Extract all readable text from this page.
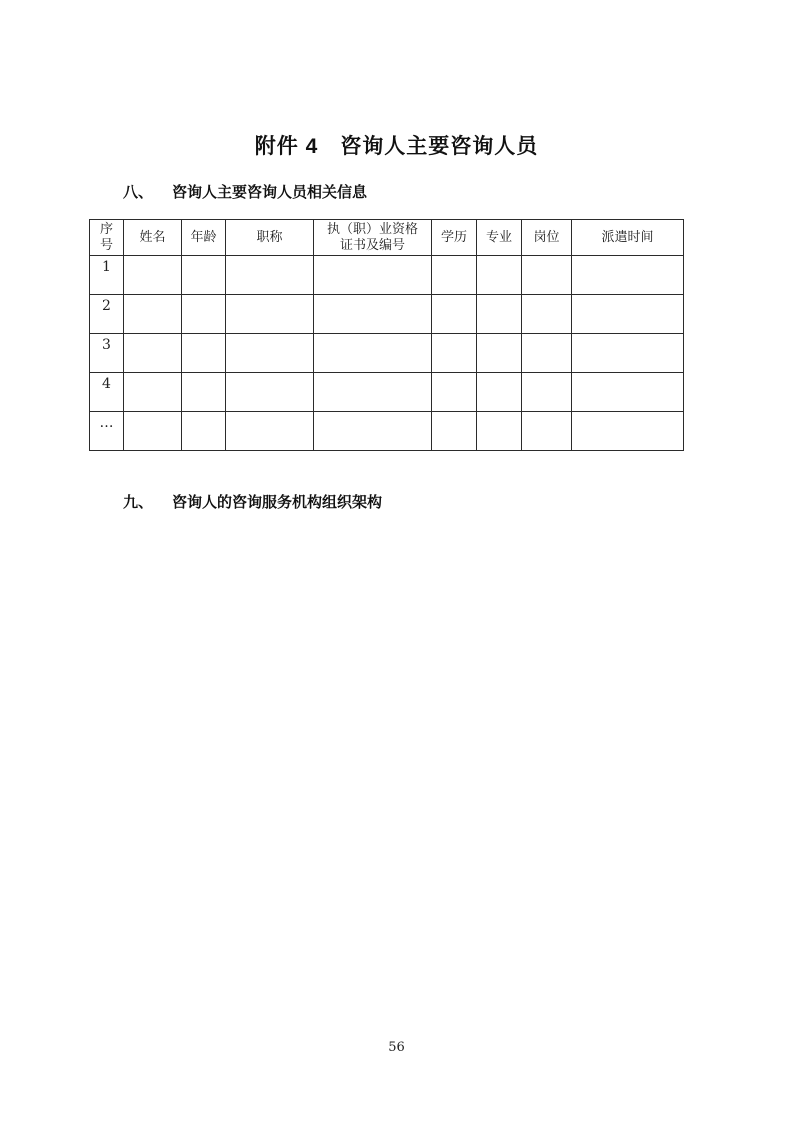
附件 4　咨询人主要咨询人员
八、 咨询人主要咨询人员相关信息
序号	姓名	年龄	职称	执（职）业资格证书及编号	学历	专业	岗位	派遣时间
1								
2								
3								
4								
…								
九、 咨询人的咨询服务机构组织架构
56
